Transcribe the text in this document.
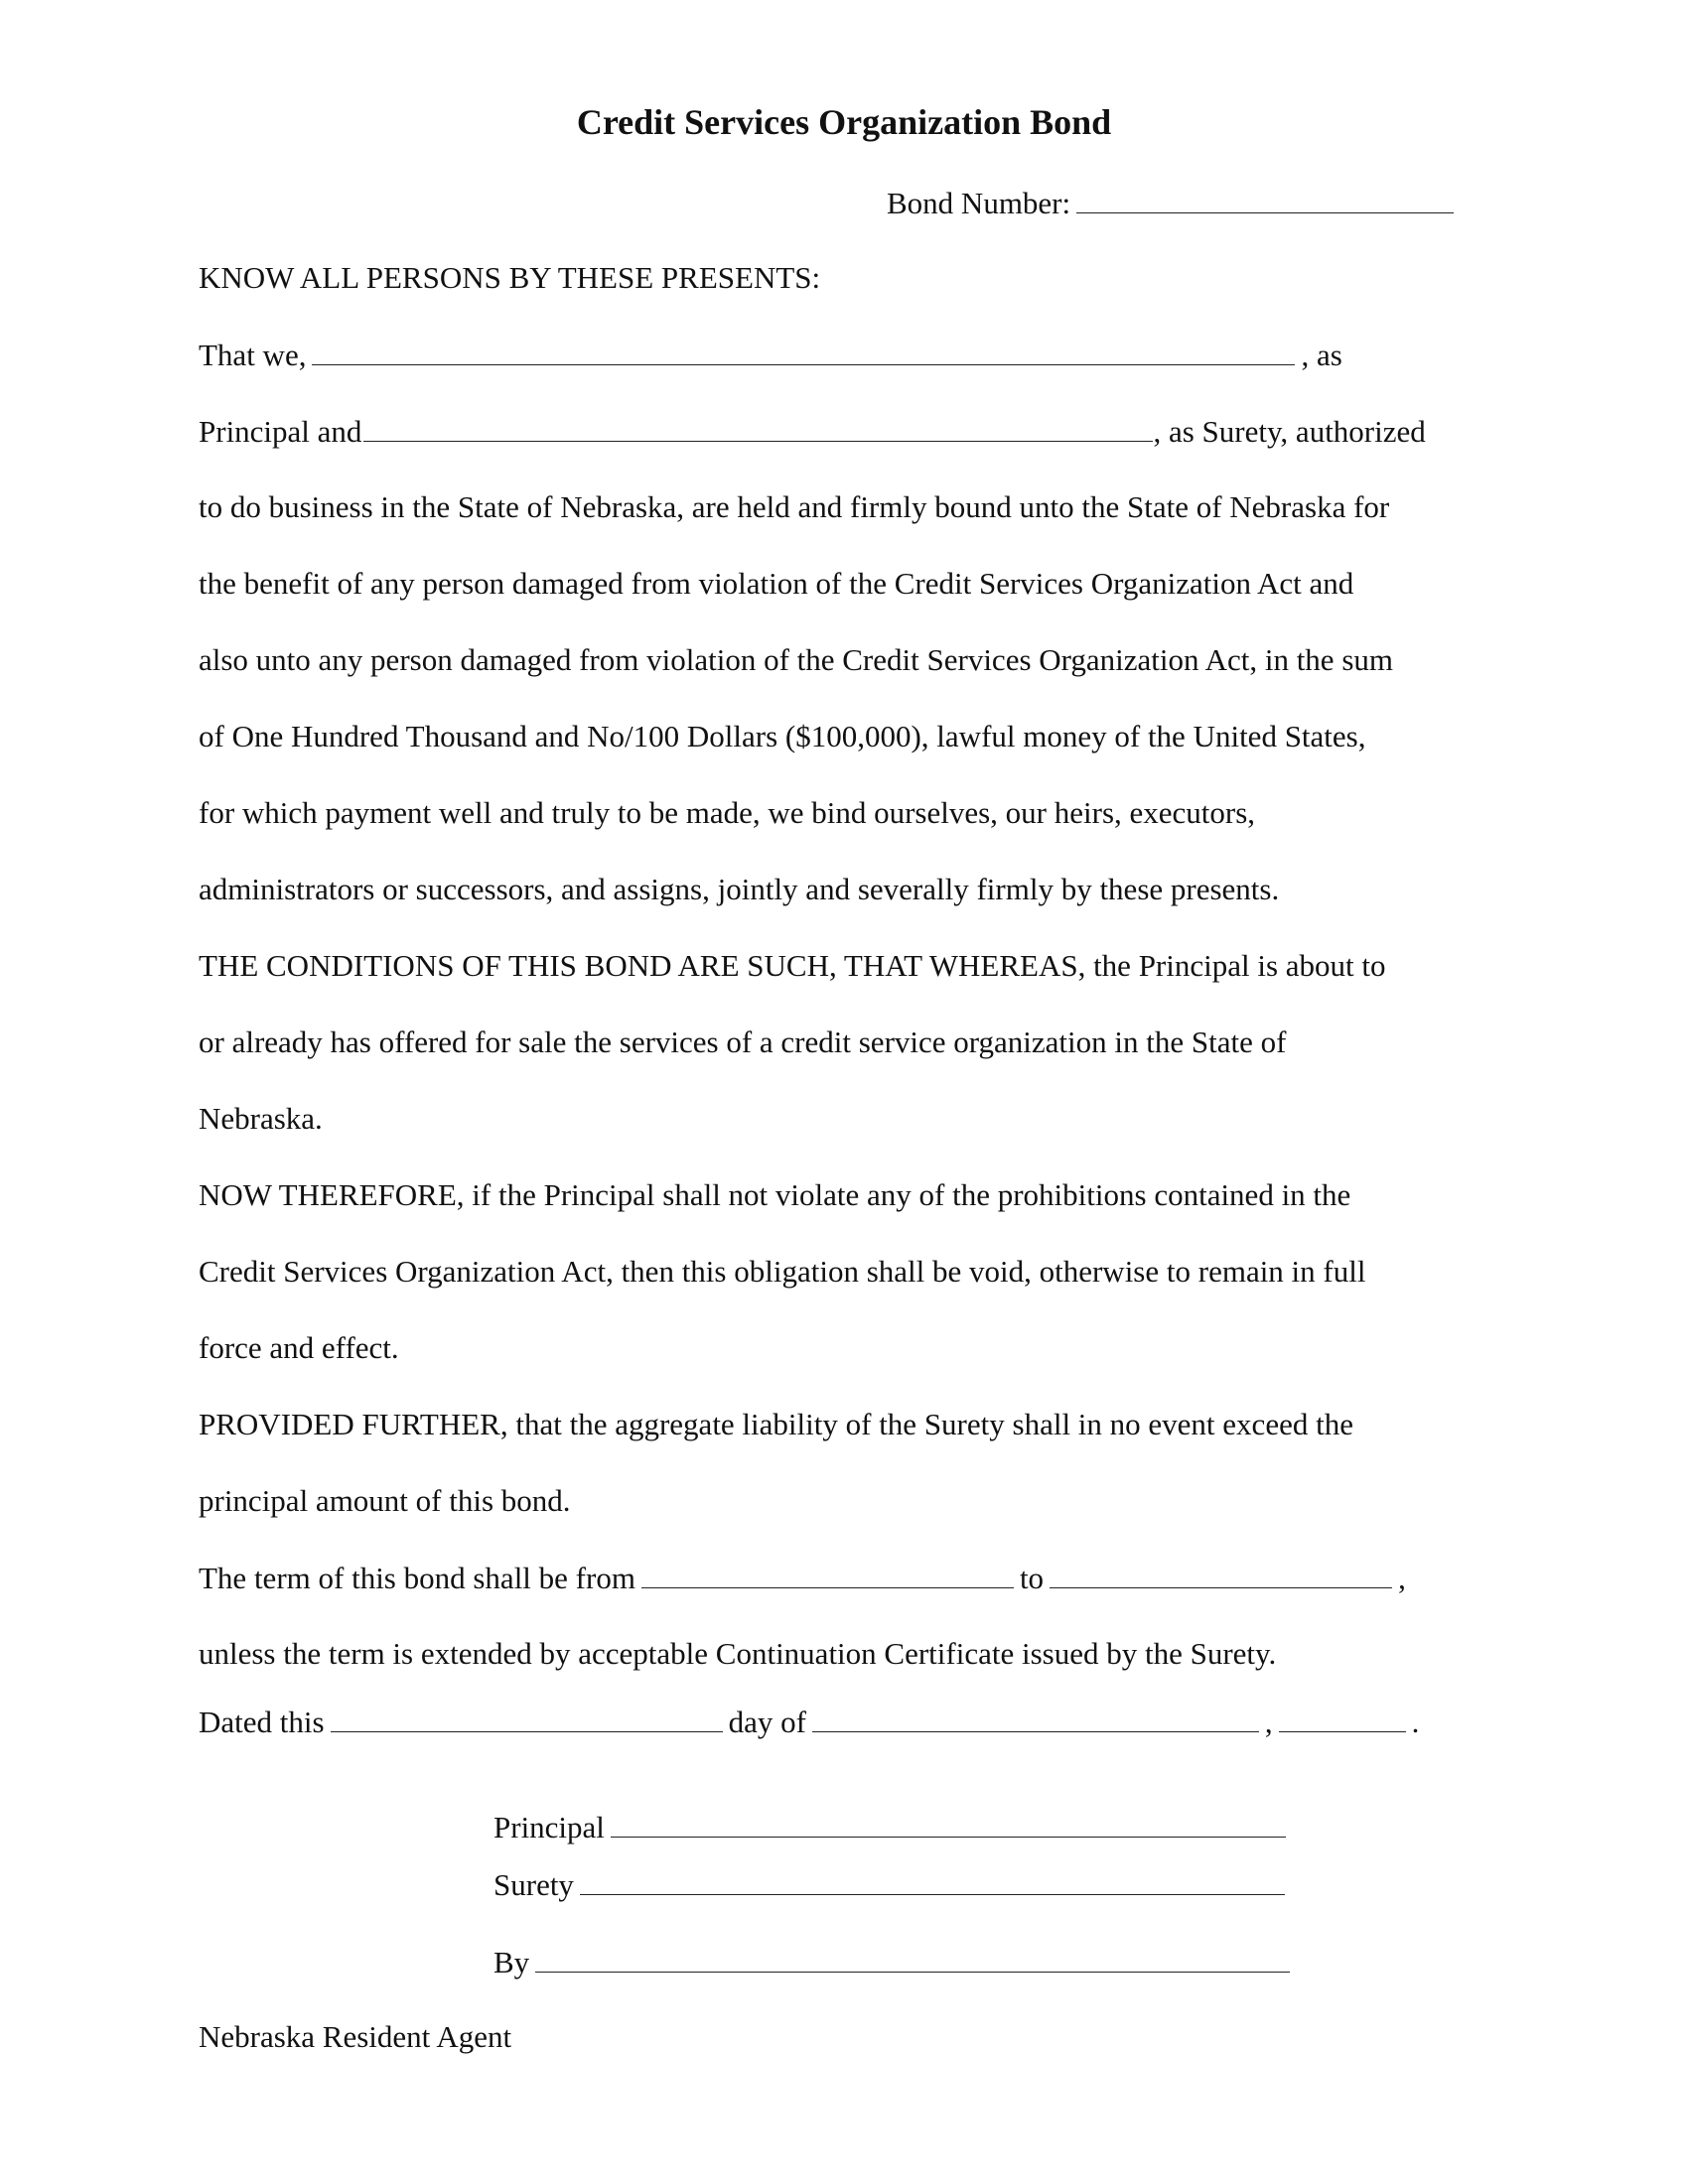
Credit Services Organization Bond
Bond Number:
KNOW ALL PERSONS BY THESE PRESENTS:
That we,	, as
Principal and	, as Surety, authorized
to do business in the State of Nebraska, are held and firmly bound unto the State of Nebraska for
the benefit of any person damaged from violation of the Credit Services Organization Act and
also unto any person damaged from violation of the Credit Services Organization Act, in the sum
of One Hundred Thousand and No/100 Dollars ($100,000), lawful money of the United States,
for which payment well and truly to be made, we bind ourselves, our heirs, executors,
administrators or successors, and assigns, jointly and severally firmly by these presents.
THE CONDITIONS OF THIS BOND ARE SUCH, THAT WHEREAS, the Principal is about to
or already has offered for sale the services of a credit service organization in the State of
Nebraska.
NOW THEREFORE, if the Principal shall not violate any of the prohibitions contained in the
Credit Services Organization Act, then this obligation shall be void, otherwise to remain in full
force and effect.
PROVIDED FURTHER, that the aggregate liability of the Surety shall in no event exceed the
principal amount of this bond.
The term of this bond shall be from	to	,
unless the term is extended by acceptable Continuation Certificate issued by the Surety.
Dated this	day of	,	.
Principal
Surety
By
Nebraska Resident Agent
